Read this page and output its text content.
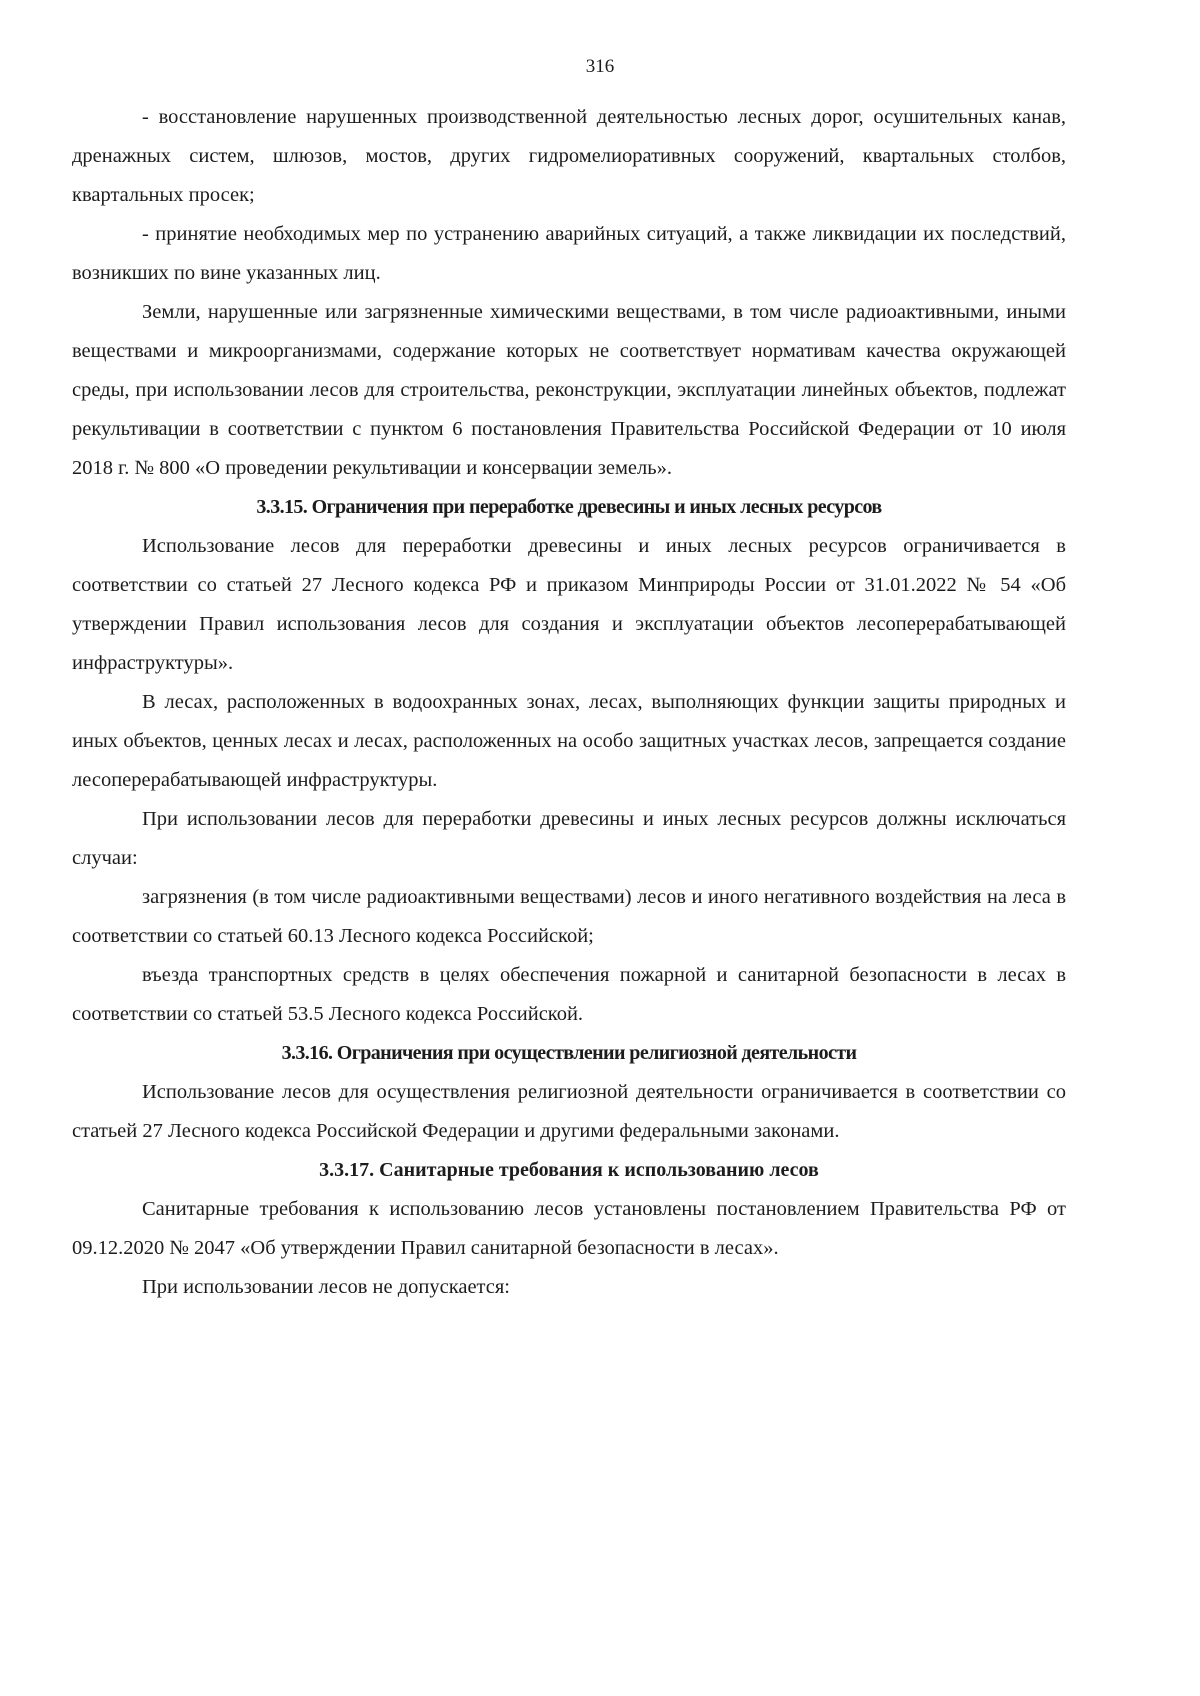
316

- восстановление нарушенных производственной деятельностью лесных дорог, осушительных канав, дренажных систем, шлюзов, мостов, других гидромелиоративных сооружений, квартальных столбов, квартальных просек;

- принятие необходимых мер по устранению аварийных ситуаций, а также ликвидации их последствий, возникших по вине указанных лиц.

Земли, нарушенные или загрязненные химическими веществами, в том числе радиоактивными, иными веществами и микроорганизмами, содержание которых не соответствует нормативам качества окружающей среды, при использовании лесов для строительства, реконструкции, эксплуатации линейных объектов, подлежат рекультивации в соответствии с пунктом 6 постановления Правительства Российской Федерации от 10 июля 2018 г. № 800 «О проведении рекультивации и консервации земель».

3.3.15. Ограничения при переработке древесины и иных лесных ресурсов

Использование лесов для переработки древесины и иных лесных ресурсов ограничивается в соответствии со статьей 27 Лесного кодекса РФ и приказом Минприроды России от 31.01.2022 № 54 «Об утверждении Правил использования лесов для создания и эксплуатации объектов лесоперерабатывающей инфраструктуры».

В лесах, расположенных в водоохранных зонах, лесах, выполняющих функции защиты природных и иных объектов, ценных лесах и лесах, расположенных на особо защитных участках лесов, запрещается создание лесоперерабатывающей инфраструктуры.

При использовании лесов для переработки древесины и иных лесных ресурсов должны исключаться случаи:

загрязнения (в том числе радиоактивными веществами) лесов и иного негативного воздействия на леса в соответствии со статьей 60.13 Лесного кодекса Российской;

въезда транспортных средств в целях обеспечения пожарной и санитарной безопасности в лесах в соответствии со статьей 53.5 Лесного кодекса Российской.

3.3.16. Ограничения при осуществлении религиозной деятельности

Использование лесов для осуществления религиозной деятельности ограничивается в соответствии со статьей 27 Лесного кодекса Российской Федерации и другими федеральными законами.

3.3.17. Санитарные требования к использованию лесов

Санитарные требования к использованию лесов установлены постановлением Правительства РФ от 09.12.2020 № 2047 «Об утверждении Правил санитарной безопасности в лесах».

При использовании лесов не допускается:
